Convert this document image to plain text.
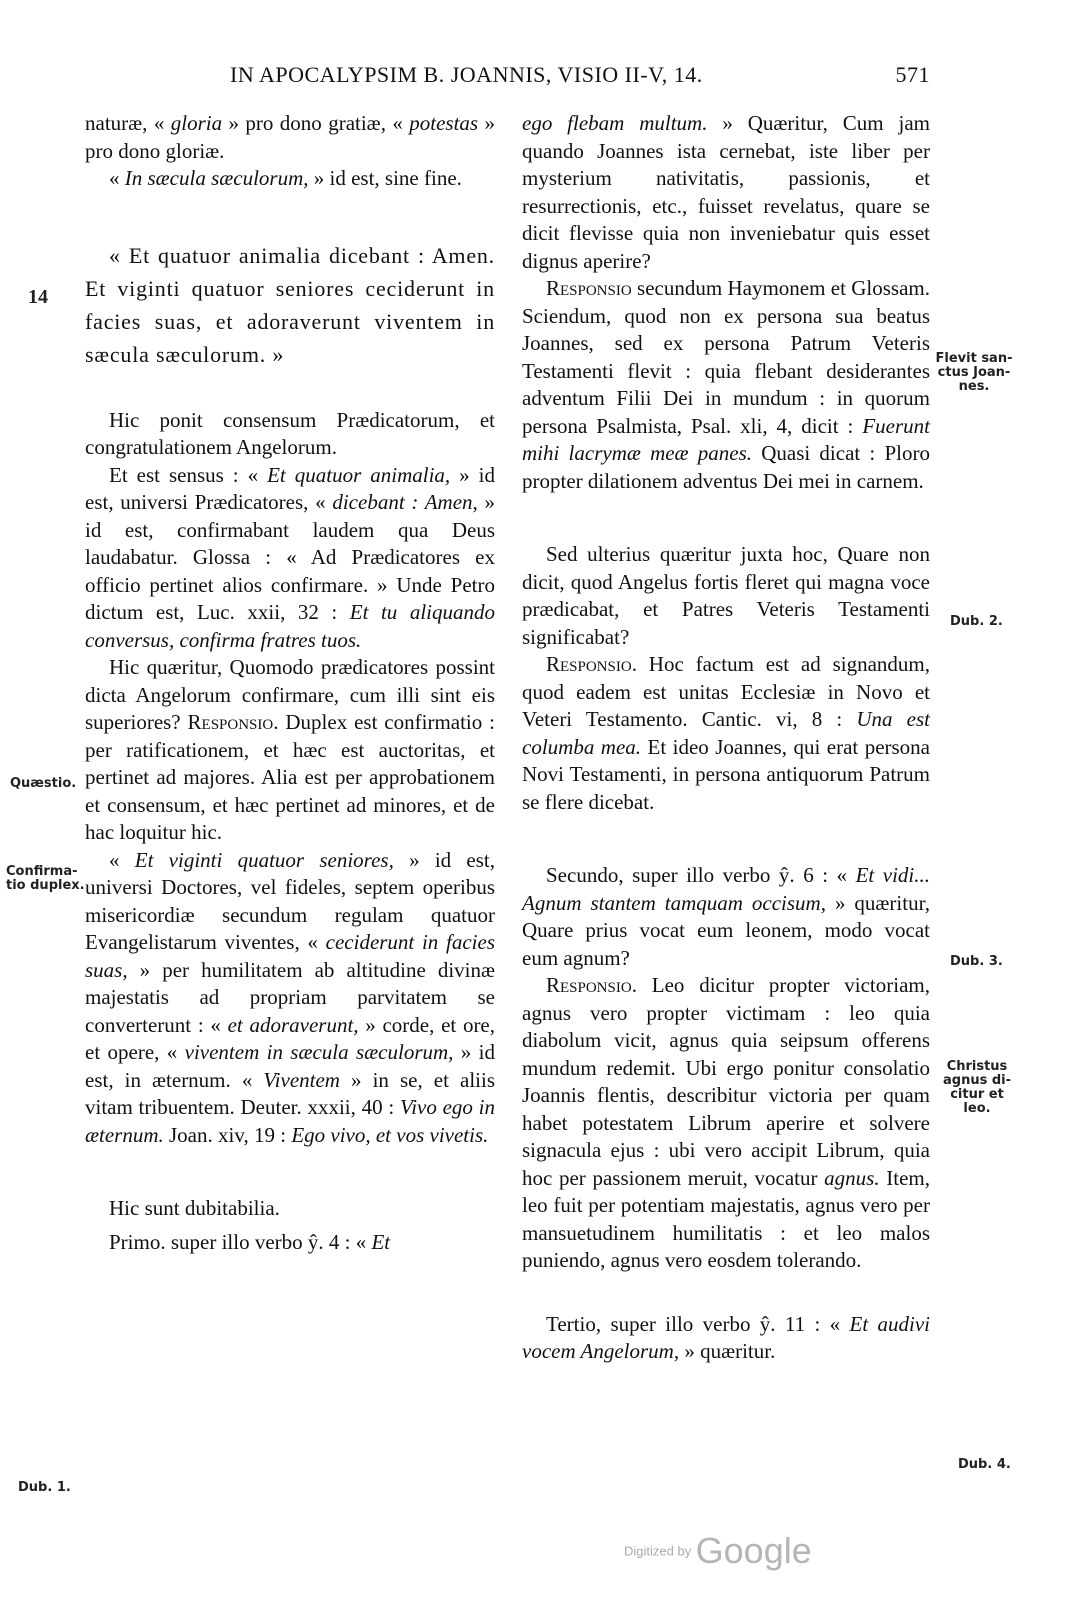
IN APOCALYPSIM B. JOANNIS, VISIO II-V, 14.	571

naturæ, « gloria » pro dono gratiæ, « potestas » pro dono gloriæ.

« In sæcula sæculorum, » id est, sine fine.

« Et quatuor animalia dicebant : Amen. Et viginti quatuor seniores ceciderunt in facies suas, et adoraverunt viventem in sæcula sæculorum. »

Hic ponit consensum Prædicatorum, et congratulationem Angelorum.

Et est sensus : « Et quatuor animalia, » id est, universi Prædicatores, « dicebant : Amen, » id est, confirmabant laudem qua Deus laudabatur. Glossa : « Ad Prædicatores ex officio pertinet alios confirmare. » Unde Petro dictum est, Luc. xxii, 32 : Et tu aliquando conversus, confirma fratres tuos.

Hic quæritur, Quomodo prædicatores possint dicta Angelorum confirmare, cum illi sint eis superiores? Responsio. Duplex est confirmatio : per ratificationem, et hæc est auctoritas, et pertinet ad majores. Alia est per approbationem et consensum, et hæc pertinet ad minores, et de hac loquitur hic.

« Et viginti quatuor seniores, » id est, universi Doctores, vel fideles, septem operibus misericordiæ secundum regulam quatuor Evangelistarum viventes, « ceciderunt in facies suas, » per humilitatem ab altitudine divinæ majestatis ad propriam parvitatem se converterunt : « et adoraverunt, » corde, et ore, et opere, « viventem in sæcula sæculorum, » id est, in æternum. « Viventem » in se, et aliis vitam tribuentem. Deuter. xxxii, 40 : Vivo ego in æternum. Joan. xiv, 19 : Ego vivo, et vos vivetis.

Hic sunt dubitabilia.

Primo. super illo verbo ŷ. 4 : « Et

ego flebam multum. » Quæritur, Cum jam quando Joannes ista cernebat, iste liber per mysterium nativitatis, passionis, et resurrectionis, etc., fuisset revelatus, quare se dicit flevisse quia non inveniebatur quis esset dignus aperire?

Responsio secundum Haymonem et Glossam. Sciendum, quod non ex persona sua beatus Joannes, sed ex persona Patrum Veteris Testamenti flevit : quia flebant desiderantes adventum Filii Dei in mundum : in quorum persona Psalmista, Psal. xli, 4, dicit : Fuerunt mihi lacrymæ meæ panes. Quasi dicat : Ploro propter dilationem adventus Dei mei in carnem.

Sed ulterius quæritur juxta hoc, Quare non dicit, quod Angelus fortis fleret qui magna voce prædicabat, et Patres Veteris Testamenti significabat?

Responsio. Hoc factum est ad signandum, quod eadem est unitas Ecclesiæ in Novo et Veteri Testamento. Cantic. vi, 8 : Una est columba mea. Et ideo Joannes, qui erat persona Novi Testamenti, in persona antiquorum Patrum se flere dicebat.

Secundo, super illo verbo ŷ. 6 : « Et vidi... Agnum stantem tamquam occisum, » quæritur, Quare prius vocat eum leonem, modo vocat eum agnum?

Responsio. Leo dicitur propter victoriam, agnus vero propter victimam : leo quia diabolum vicit, agnus quia seipsum offerens mundum redemit. Ubi ergo ponitur consolatio Joannis flentis, describitur victoria per quam habet potestatem Librum aperire et solvere signacula ejus : ubi vero accipit Librum, quia hoc per passionem meruit, vocatur agnus. Item, leo fuit per potentiam majestatis, agnus vero per mansuetudinem humilitatis : et leo malos puniendo, agnus vero eosdem tolerando.

Tertio, super illo verbo ŷ. 11 : « Et audivi vocem Angelorum, » quæritur.

14
Quæstio.
Confirma-
tio duplex.
Dub. 1.
Flevit san-
ctus Joan-
nes.
Dub. 2.
Dub. 3.
Christus
agnus di-
citur et
leo.
Dub. 4.
Digitized by Google
